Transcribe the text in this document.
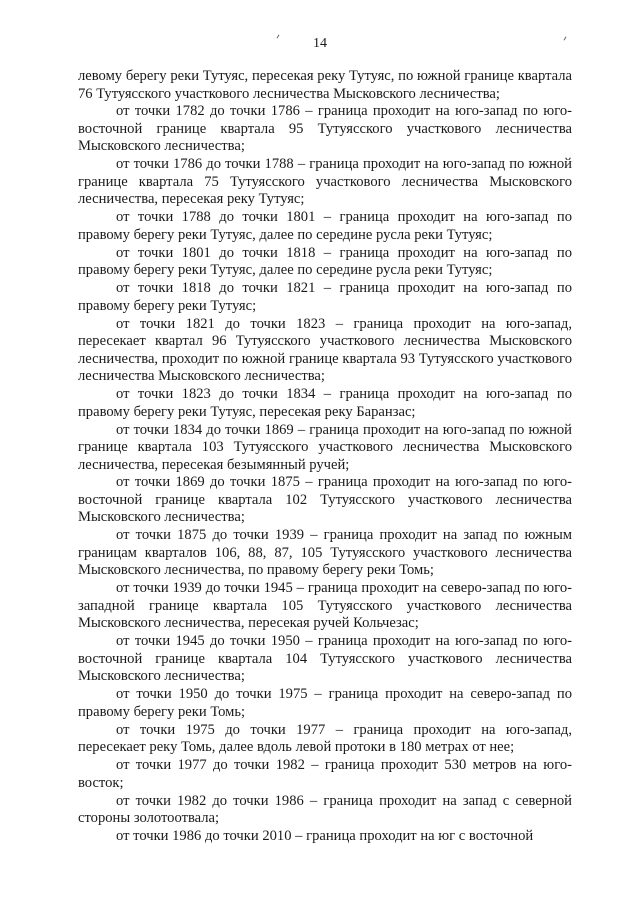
14

левому берегу реки Тутуяс, пересекая реку Тутуяс, по южной границе квартала 76 Тутуясского участкового лесничества Мысковского лесничества;

от точки 1782 до точки 1786 – граница проходит на юго-запад по юго-восточной границе квартала 95 Тутуясского участкового лесничества Мысковского лесничества;

от точки 1786 до точки 1788 – граница проходит на юго-запад по южной границе квартала 75 Тутуясского участкового лесничества Мысковского лесничества, пересекая реку Тутуяс;

от точки 1788 до точки 1801 – граница проходит на юго-запад по правому берегу реки Тутуяс, далее по середине русла реки Тутуяс;

от точки 1801 до точки 1818 – граница проходит на юго-запад по правому берегу реки Тутуяс, далее по середине русла реки Тутуяс;

от точки 1818 до точки 1821 – граница проходит на юго-запад по правому берегу реки Тутуяс;

от точки 1821 до точки 1823 – граница проходит на юго-запад, пересекает квартал 96 Тутуясского участкового лесничества Мысковского лесничества, проходит по южной границе квартала 93 Тутуясского участкового лесничества Мысковского лесничества;

от точки 1823 до точки 1834 – граница проходит на юго-запад по правому берегу реки Тутуяс, пересекая реку Баранзас;

от точки 1834 до точки 1869 – граница проходит на юго-запад по южной границе квартала 103 Тутуясского участкового лесничества Мысковского лесничества, пересекая безымянный ручей;

от точки 1869 до точки 1875 – граница проходит на юго-запад по юго-восточной границе квартала 102 Тутуясского участкового лесничества Мысковского лесничества;

от точки 1875 до точки 1939 – граница проходит на запад по южным границам кварталов 106, 88, 87, 105 Тутуясского участкового лесничества Мысковского лесничества, по правому берегу реки Томь;

от точки 1939 до точки 1945 – граница проходит на северо-запад по юго-западной границе квартала 105 Тутуясского участкового лесничества Мысковского лесничества, пересекая ручей Кольчезас;

от точки 1945 до точки 1950 – граница проходит на юго-запад по юго-восточной границе квартала 104 Тутуясского участкового лесничества Мысковского лесничества;

от точки 1950 до точки 1975 – граница проходит на северо-запад по правому берегу реки Томь;

от точки 1975 до точки 1977 – граница проходит на юго-запад, пересекает реку Томь, далее вдоль левой протоки в 180 метрах от нее;

от точки 1977 до точки 1982 – граница проходит 530 метров на юго-восток;

от точки 1982 до точки 1986 – граница проходит на запад с северной стороны золотоотвала;

от точки 1986 до точки 2010 – граница проходит на юг с восточной
